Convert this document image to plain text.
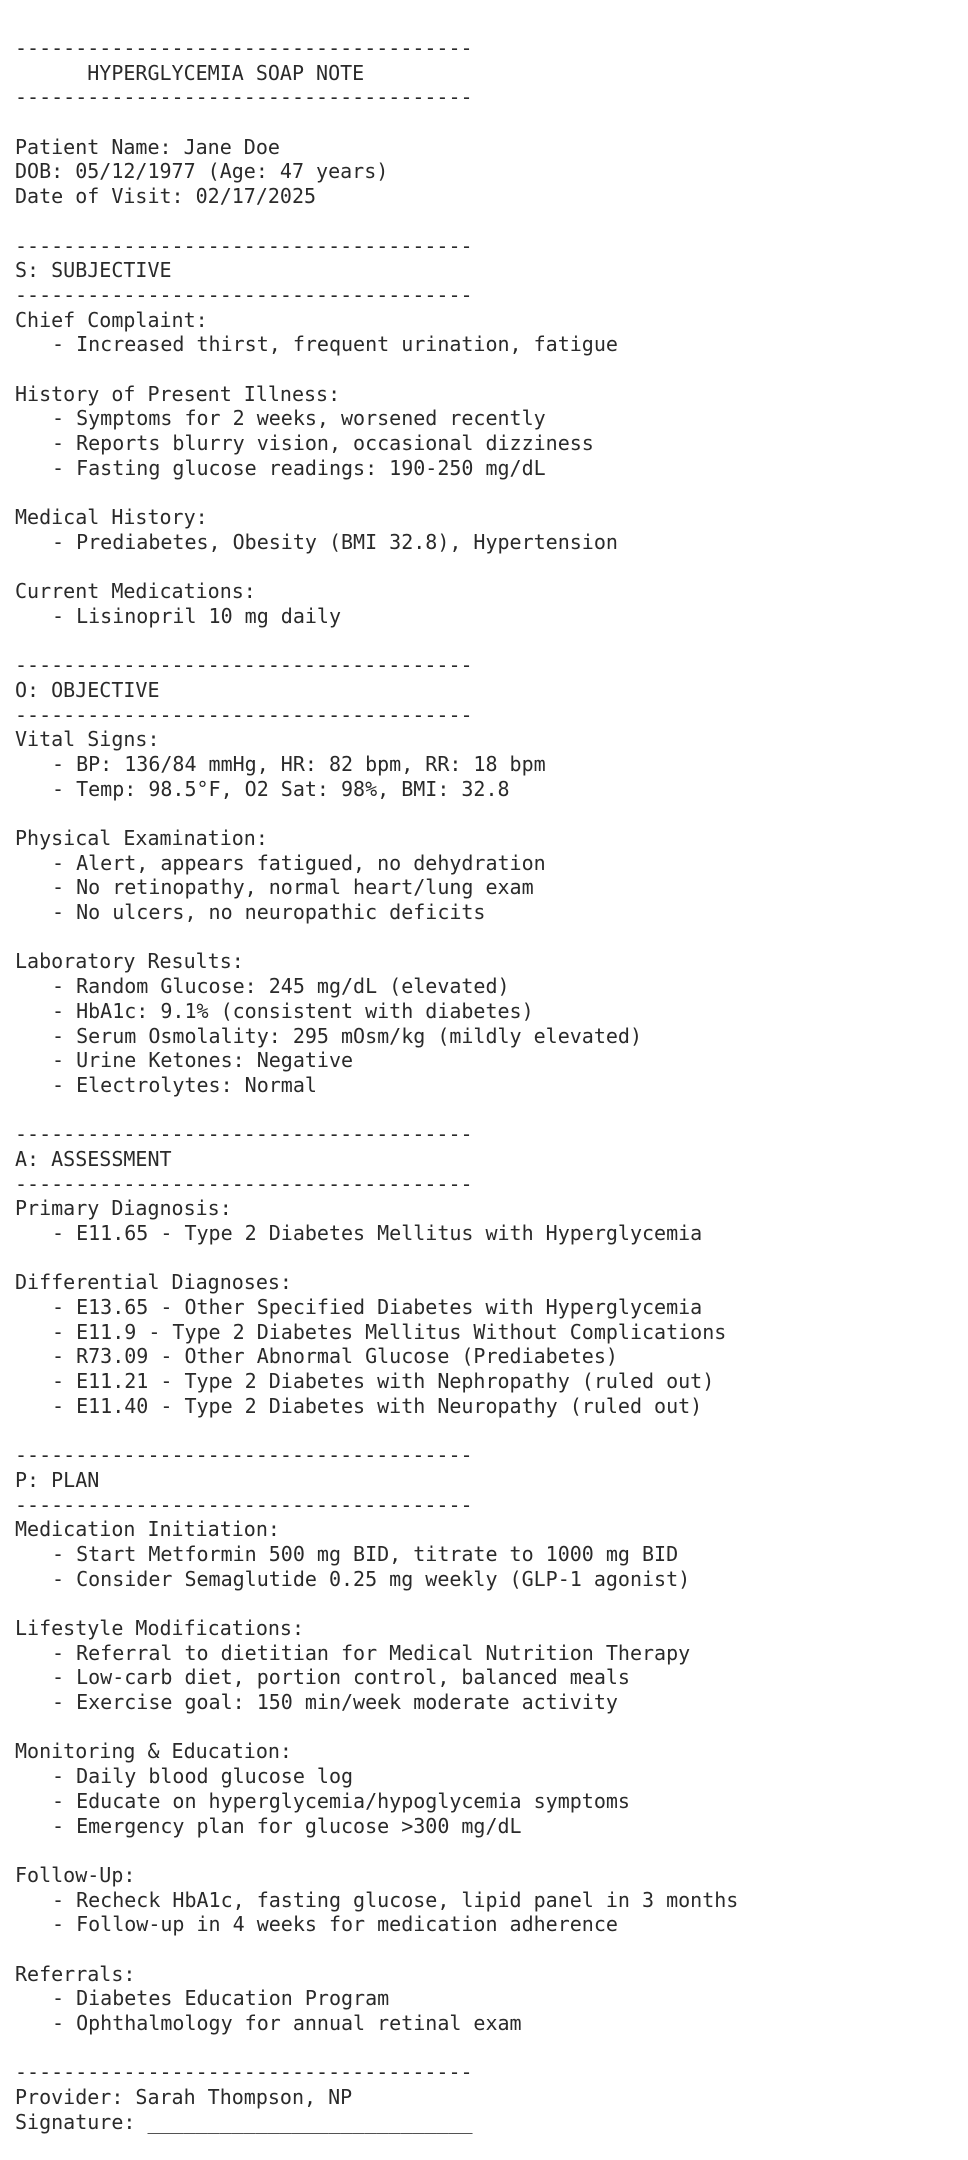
--------------------------------------
HYPERGLYCEMIA SOAP NOTE
--------------------------------------
Patient Name: Jane Doe
DOB: 05/12/1977 (Age: 47 years)
Date of Visit: 02/17/2025
--------------------------------------
S: SUBJECTIVE
--------------------------------------
Chief Complaint:
- Increased thirst, frequent urination, fatigue
History of Present Illness:
- Symptoms for 2 weeks, worsened recently
- Reports blurry vision, occasional dizziness
- Fasting glucose readings: 190-250 mg/dL
Medical History:
- Prediabetes, Obesity (BMI 32.8), Hypertension
Current Medications:
- Lisinopril 10 mg daily
--------------------------------------
O: OBJECTIVE
--------------------------------------
Vital Signs:
- BP: 136/84 mmHg, HR: 82 bpm, RR: 18 bpm
- Temp: 98.5°F, O2 Sat: 98%, BMI: 32.8
Physical Examination:
- Alert, appears fatigued, no dehydration
- No retinopathy, normal heart/lung exam
- No ulcers, no neuropathic deficits
Laboratory Results:
- Random Glucose: 245 mg/dL (elevated)
- HbA1c: 9.1% (consistent with diabetes)
- Serum Osmolality: 295 mOsm/kg (mildly elevated)
- Urine Ketones: Negative
- Electrolytes: Normal
--------------------------------------
A: ASSESSMENT
--------------------------------------
Primary Diagnosis:
- E11.65 - Type 2 Diabetes Mellitus with Hyperglycemia
Differential Diagnoses:
- E13.65 - Other Specified Diabetes with Hyperglycemia
- E11.9 - Type 2 Diabetes Mellitus Without Complications
- R73.09 - Other Abnormal Glucose (Prediabetes)
- E11.21 - Type 2 Diabetes with Nephropathy (ruled out)
- E11.40 - Type 2 Diabetes with Neuropathy (ruled out)
--------------------------------------
P: PLAN
--------------------------------------
Medication Initiation:
- Start Metformin 500 mg BID, titrate to 1000 mg BID
- Consider Semaglutide 0.25 mg weekly (GLP-1 agonist)
Lifestyle Modifications:
- Referral to dietitian for Medical Nutrition Therapy
- Low-carb diet, portion control, balanced meals
- Exercise goal: 150 min/week moderate activity
Monitoring & Education:
- Daily blood glucose log
- Educate on hyperglycemia/hypoglycemia symptoms
- Emergency plan for glucose >300 mg/dL
Follow-Up:
- Recheck HbA1c, fasting glucose, lipid panel in 3 months
- Follow-up in 4 weeks for medication adherence
Referrals:
- Diabetes Education Program
- Ophthalmology for annual retinal exam
--------------------------------------
Provider: Sarah Thompson, NP
Signature: ___________________________
